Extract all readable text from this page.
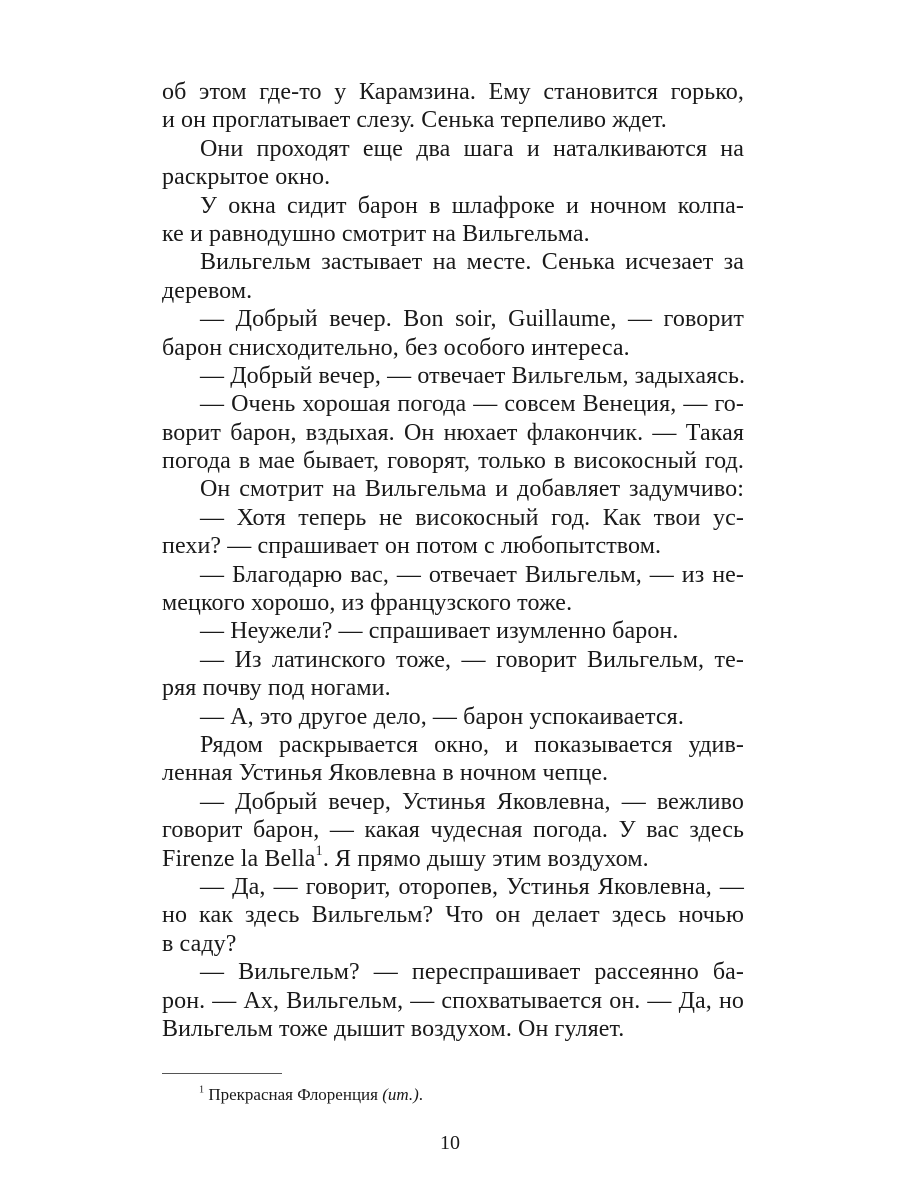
об этом где-то у Карамзина. Ему становится горько,
и он проглатывает слезу. Сенька терпеливо ждет.
Они проходят еще два шага и наталкиваются на
раскрытое окно.
У окна сидит барон в шлафроке и ночном колпа-
ке и равнодушно смотрит на Вильгельма.
Вильгельм застывает на месте. Сенька исчезает за
деревом.
— Добрый вечер. Bon soir, Guillaume, — говорит
барон снисходительно, без особого интереса.
— Добрый вечер, — отвечает Вильгельм, задыхаясь.
— Очень хорошая погода — совсем Венеция, — го-
ворит барон, вздыхая. Он нюхает флакончик. — Такая
погода в мае бывает, говорят, только в високосный год.
Он смотрит на Вильгельма и добавляет задумчиво:
— Хотя теперь не високосный год. Как твои ус-
пехи? — спрашивает он потом с любопытством.
— Благодарю вас, — отвечает Вильгельм, — из не-
мецкого хорошо, из французского тоже.
— Неужели? — спрашивает изумленно барон.
— Из латинского тоже, — говорит Вильгельм, те-
ряя почву под ногами.
— А, это другое дело, — барон успокаивается.
Рядом раскрывается окно, и показывается удив-
ленная Устинья Яковлевна в ночном чепце.
— Добрый вечер, Устинья Яковлевна, — вежливо
говорит барон, — какая чудесная погода. У вас здесь
Firenze la Bella$^1$. Я прямо дышу этим воздухом.
— Да, — говорит, оторопев, Устинья Яковлевна, —
но как здесь Вильгельм? Что он делает здесь ночью
в саду?
— Вильгельм? — переспрашивает рассеянно ба-
рон. — Ах, Вильгельм, — спохватывается он. — Да, но
Вильгельм тоже дышит воздухом. Он гуляет.
$^1$ Прекрасная Флоренция (ит.).
10
